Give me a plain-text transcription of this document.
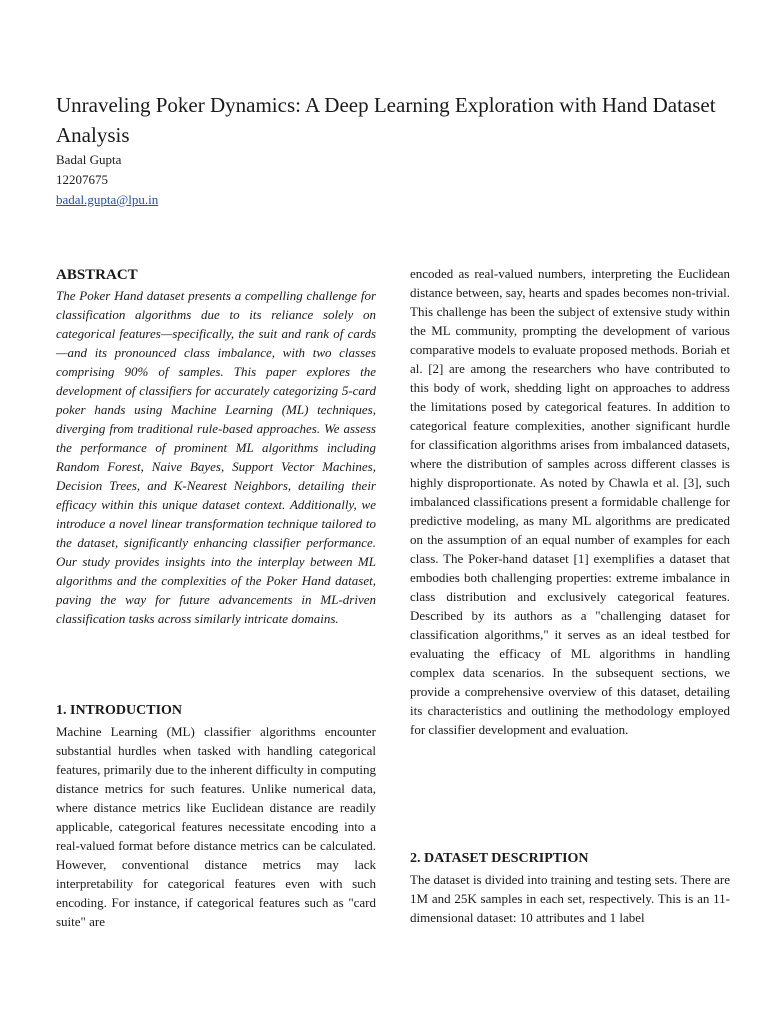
Unraveling Poker Dynamics: A Deep Learning Exploration with Hand Dataset Analysis
Badal Gupta
12207675
badal.gupta@lpu.in
ABSTRACT

The Poker Hand dataset presents a compelling challenge for classification algorithms due to its reliance solely on categorical features—specifically, the suit and rank of cards—and its pronounced class imbalance, with two classes comprising 90% of samples. This paper explores the development of classifiers for accurately categorizing 5-card poker hands using Machine Learning (ML) techniques, diverging from traditional rule-based approaches. We assess the performance of prominent ML algorithms including Random Forest, Naive Bayes, Support Vector Machines, Decision Trees, and K-Nearest Neighbors, detailing their efficacy within this unique dataset context. Additionally, we introduce a novel linear transformation technique tailored to the dataset, significantly enhancing classifier performance. Our study provides insights into the interplay between ML algorithms and the complexities of the Poker Hand dataset, paving the way for future advancements in ML-driven classification tasks across similarly intricate domains.

1. INTRODUCTION

Machine Learning (ML) classifier algorithms encounter substantial hurdles when tasked with handling categorical features, primarily due to the inherent difficulty in computing distance metrics for such features. Unlike numerical data, where distance metrics like Euclidean distance are readily applicable, categorical features necessitate encoding into a real-valued format before distance metrics can be calculated. However, conventional distance metrics may lack interpretability for categorical features even with such encoding. For instance, if categorical features such as "card suite" are

encoded as real-valued numbers, interpreting the Euclidean distance between, say, hearts and spades becomes non-trivial. This challenge has been the subject of extensive study within the ML community, prompting the development of various comparative models to evaluate proposed methods. Boriah et al. [2] are among the researchers who have contributed to this body of work, shedding light on approaches to address the limitations posed by categorical features. In addition to categorical feature complexities, another significant hurdle for classification algorithms arises from imbalanced datasets, where the distribution of samples across different classes is highly disproportionate. As noted by Chawla et al. [3], such imbalanced classifications present a formidable challenge for predictive modeling, as many ML algorithms are predicated on the assumption of an equal number of examples for each class. The Poker-hand dataset [1] exemplifies a dataset that embodies both challenging properties: extreme imbalance in class distribution and exclusively categorical features. Described by its authors as a "challenging dataset for classification algorithms," it serves as an ideal testbed for evaluating the efficacy of ML algorithms in handling complex data scenarios. In the subsequent sections, we provide a comprehensive overview of this dataset, detailing its characteristics and outlining the methodology employed for classifier development and evaluation.

2. DATASET DESCRIPTION

The dataset is divided into training and testing sets. There are 1M and 25K samples in each set, respectively. This is an 11- dimensional dataset: 10 attributes and 1 label
